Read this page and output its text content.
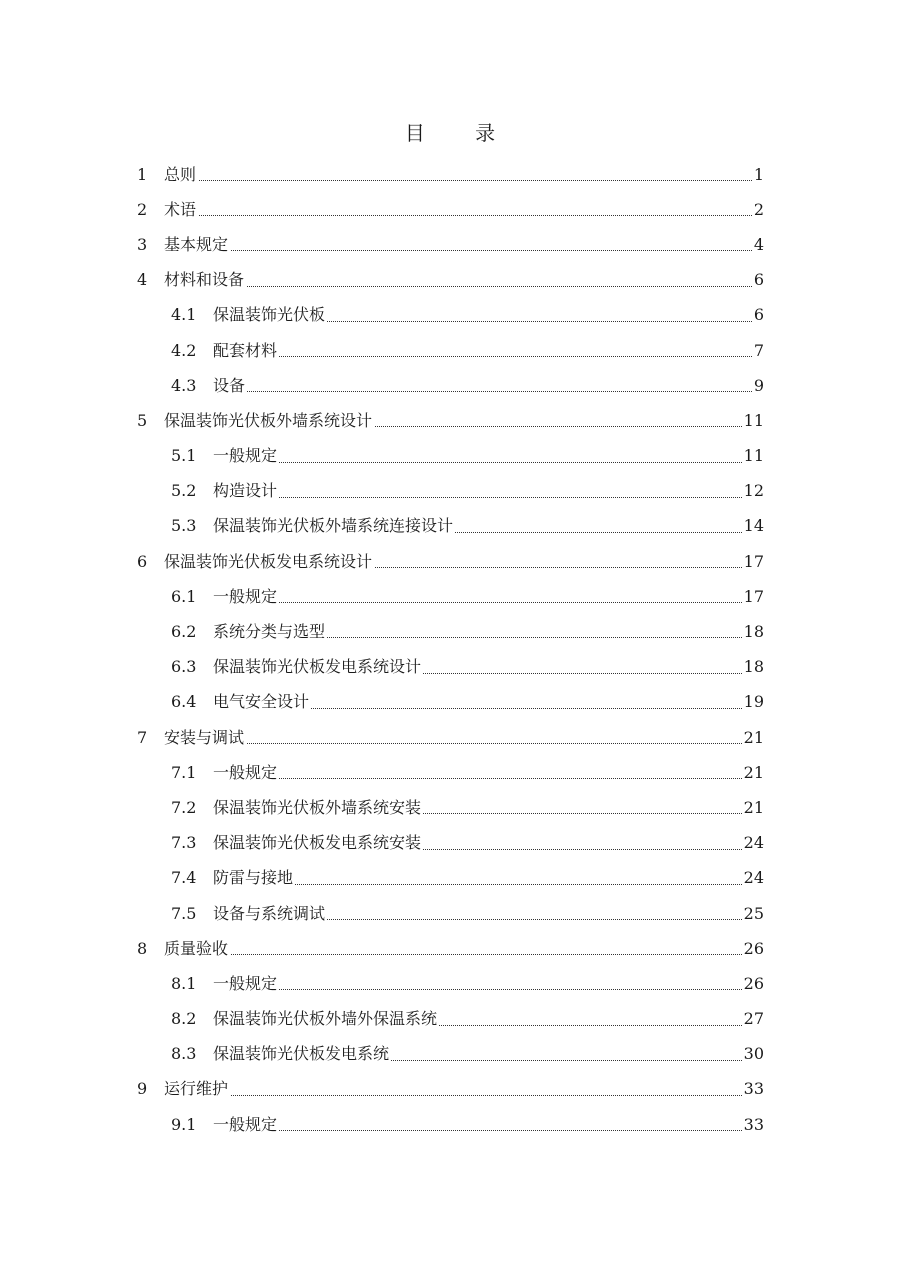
目 录
1 总则	1
2 术语	2
3 基本规定	4
4 材料和设备	6
4.1 保温装饰光伏板	6
4.2 配套材料	7
4.3 设备	9
5 保温装饰光伏板外墙系统设计	11
5.1 一般规定	11
5.2 构造设计	12
5.3 保温装饰光伏板外墙系统连接设计	14
6 保温装饰光伏板发电系统设计	17
6.1 一般规定	17
6.2 系统分类与选型	18
6.3 保温装饰光伏板发电系统设计	18
6.4 电气安全设计	19
7 安装与调试	21
7.1 一般规定	21
7.2 保温装饰光伏板外墙系统安装	21
7.3 保温装饰光伏板发电系统安装	24
7.4 防雷与接地	24
7.5 设备与系统调试	25
8 质量验收	26
8.1 一般规定	26
8.2 保温装饰光伏板外墙外保温系统	27
8.3 保温装饰光伏板发电系统	30
9 运行维护	33
9.1 一般规定	33
